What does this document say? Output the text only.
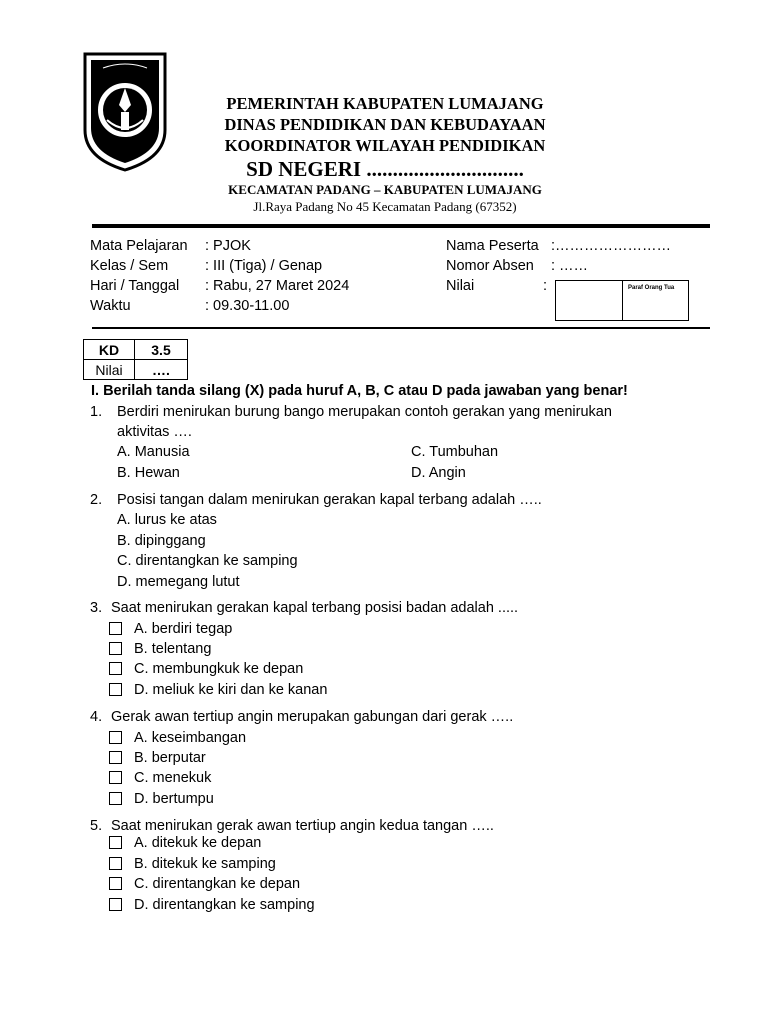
PEMERINTAH KABUPATEN LUMAJANG
DINAS PENDIDIKAN DAN KEBUDAYAAN
KOORDINATOR WILAYAH PENDIDIKAN
SD NEGERI ..............................
KECAMATAN PADANG – KABUPATEN LUMAJANG
Jl.Raya Padang No 45 Kecamatan Padang (67352)
Mata Pelajaran : PJOK
Kelas / Sem	: III (Tiga) / Genap
Hari / Tanggal : Rabu, 27 Maret 2024
Waktu	: 09.30-11.00
Nama Peserta :……………………
Nomor Absen : ……
Nilai	:	Paraf Orang Tua
KD	3.5
Nilai	….
I. Berilah tanda silang (X) pada huruf A, B, C atau D pada jawaban yang benar!
1. Berdiri menirukan burung bango merupakan contoh gerakan yang menirukan
aktivitas ….
A. Manusia
B. Hewan
C. Tumbuhan
D. Angin
2. Posisi tangan dalam menirukan gerakan kapal terbang adalah …..
A. lurus ke atas
B. dipinggang
C. direntangkan ke samping
D. memegang lutut
3. Saat menirukan gerakan kapal terbang posisi badan adalah .....
A. berdiri tegap
B. telentang
C. membungkuk ke depan
D. meliuk ke kiri dan ke kanan
4. Gerak awan tertiup angin merupakan gabungan dari gerak …..
A. keseimbangan
B. berputar
C. menekuk
D. bertumpu
5. Saat menirukan gerak awan tertiup angin kedua tangan …..
A. ditekuk ke depan
B. ditekuk ke samping
C. direntangkan ke depan
D. direntangkan ke samping
